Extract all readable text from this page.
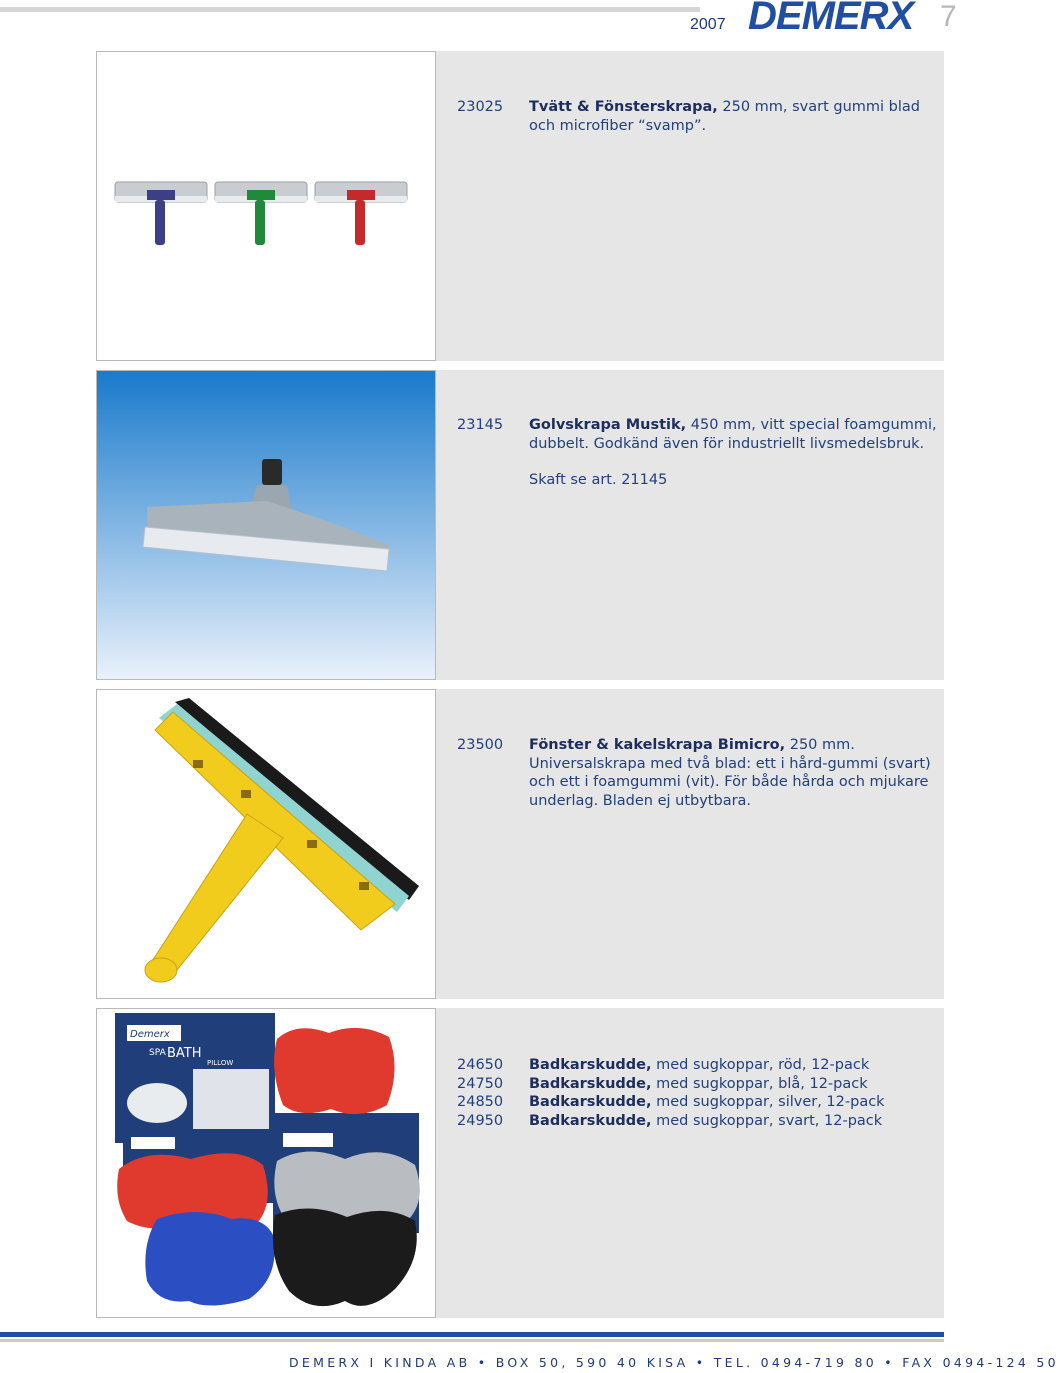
2007 DEMERX 7
23025 Tvätt & Fönsterskrapa, 250 mm, svart gummi blad
och microfiber “svamp”.
23145 Golvskrapa Mustik, 450 mm, vitt special foamgummi,
dubbelt. Godkänd även för industriellt livsmedelsbruk.
Skaft se art. 21145
23500 Fönster & kakelskrapa Bimicro, 250 mm.
Universalskrapa med två blad: ett i hård-gummi (svart)
och ett i foamgummi (vit). För både hårda och mjukare
underlag. Bladen ej utbytbara.
Demerx
SPA BATH
PILLOW	24650 Badkarskudde, med sugkoppar, röd, 12-pack
24750 Badkarskudde, med sugkoppar, blå, 12-pack
24850 Badkarskudde, med sugkoppar, silver, 12-pack
24950 Badkarskudde, med sugkoppar, svart, 12-pack
DEMERX I KINDA AB • BOX 50, 590 40 KISA • TEL. 0494-719 80 • FAX 0494-124 50
